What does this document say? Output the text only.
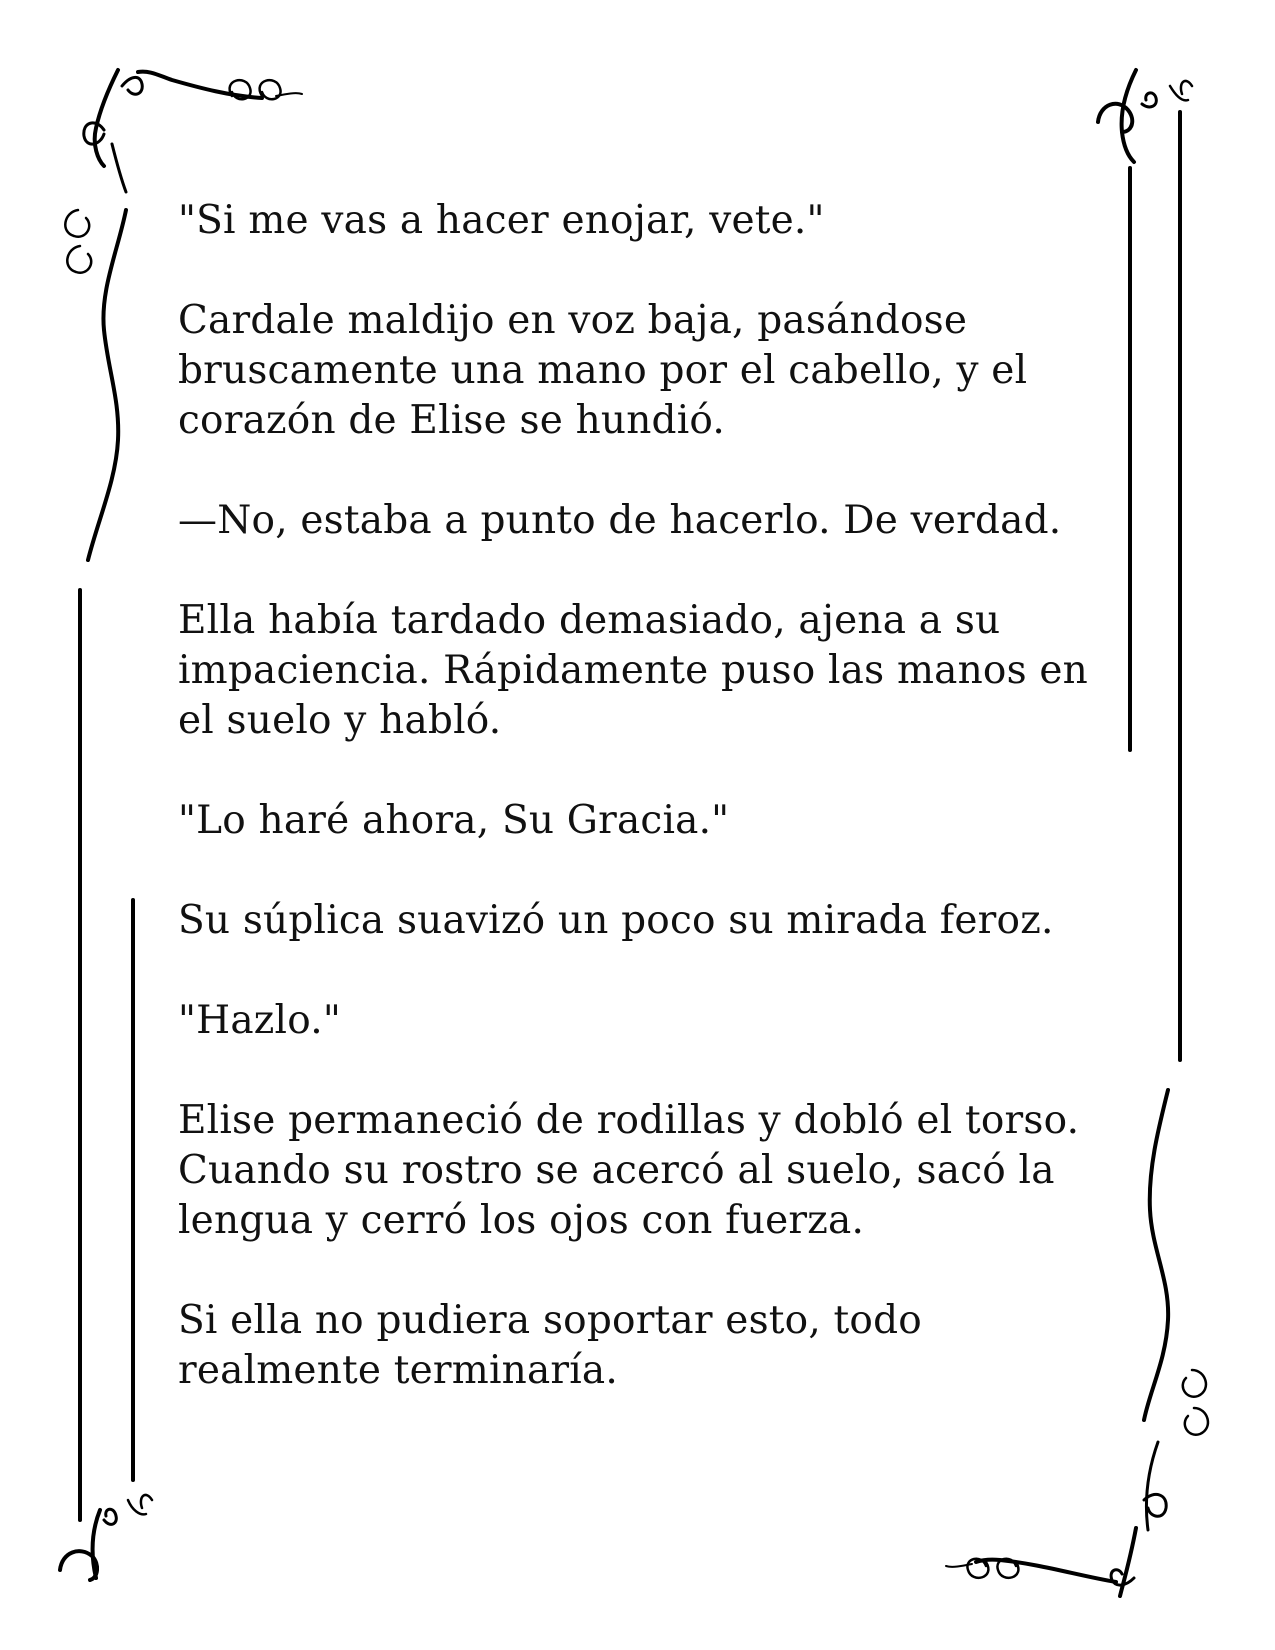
"Si me vas a hacer enojar, vete."

Cardale maldijo en voz baja, pasándose bruscamente una mano por el cabello, y el corazón de Elise se hundió.

—No, estaba a punto de hacerlo. De verdad.

Ella había tardado demasiado, ajena a su impaciencia. Rápidamente puso las manos en el suelo y habló.

"Lo haré ahora, Su Gracia."

Su súplica suavizó un poco su mirada feroz.

"Hazlo."

Elise permaneció de rodillas y dobló el torso. Cuando su rostro se acercó al suelo, sacó la lengua y cerró los ojos con fuerza.

Si ella no pudiera soportar esto, todo realmente terminaría.
